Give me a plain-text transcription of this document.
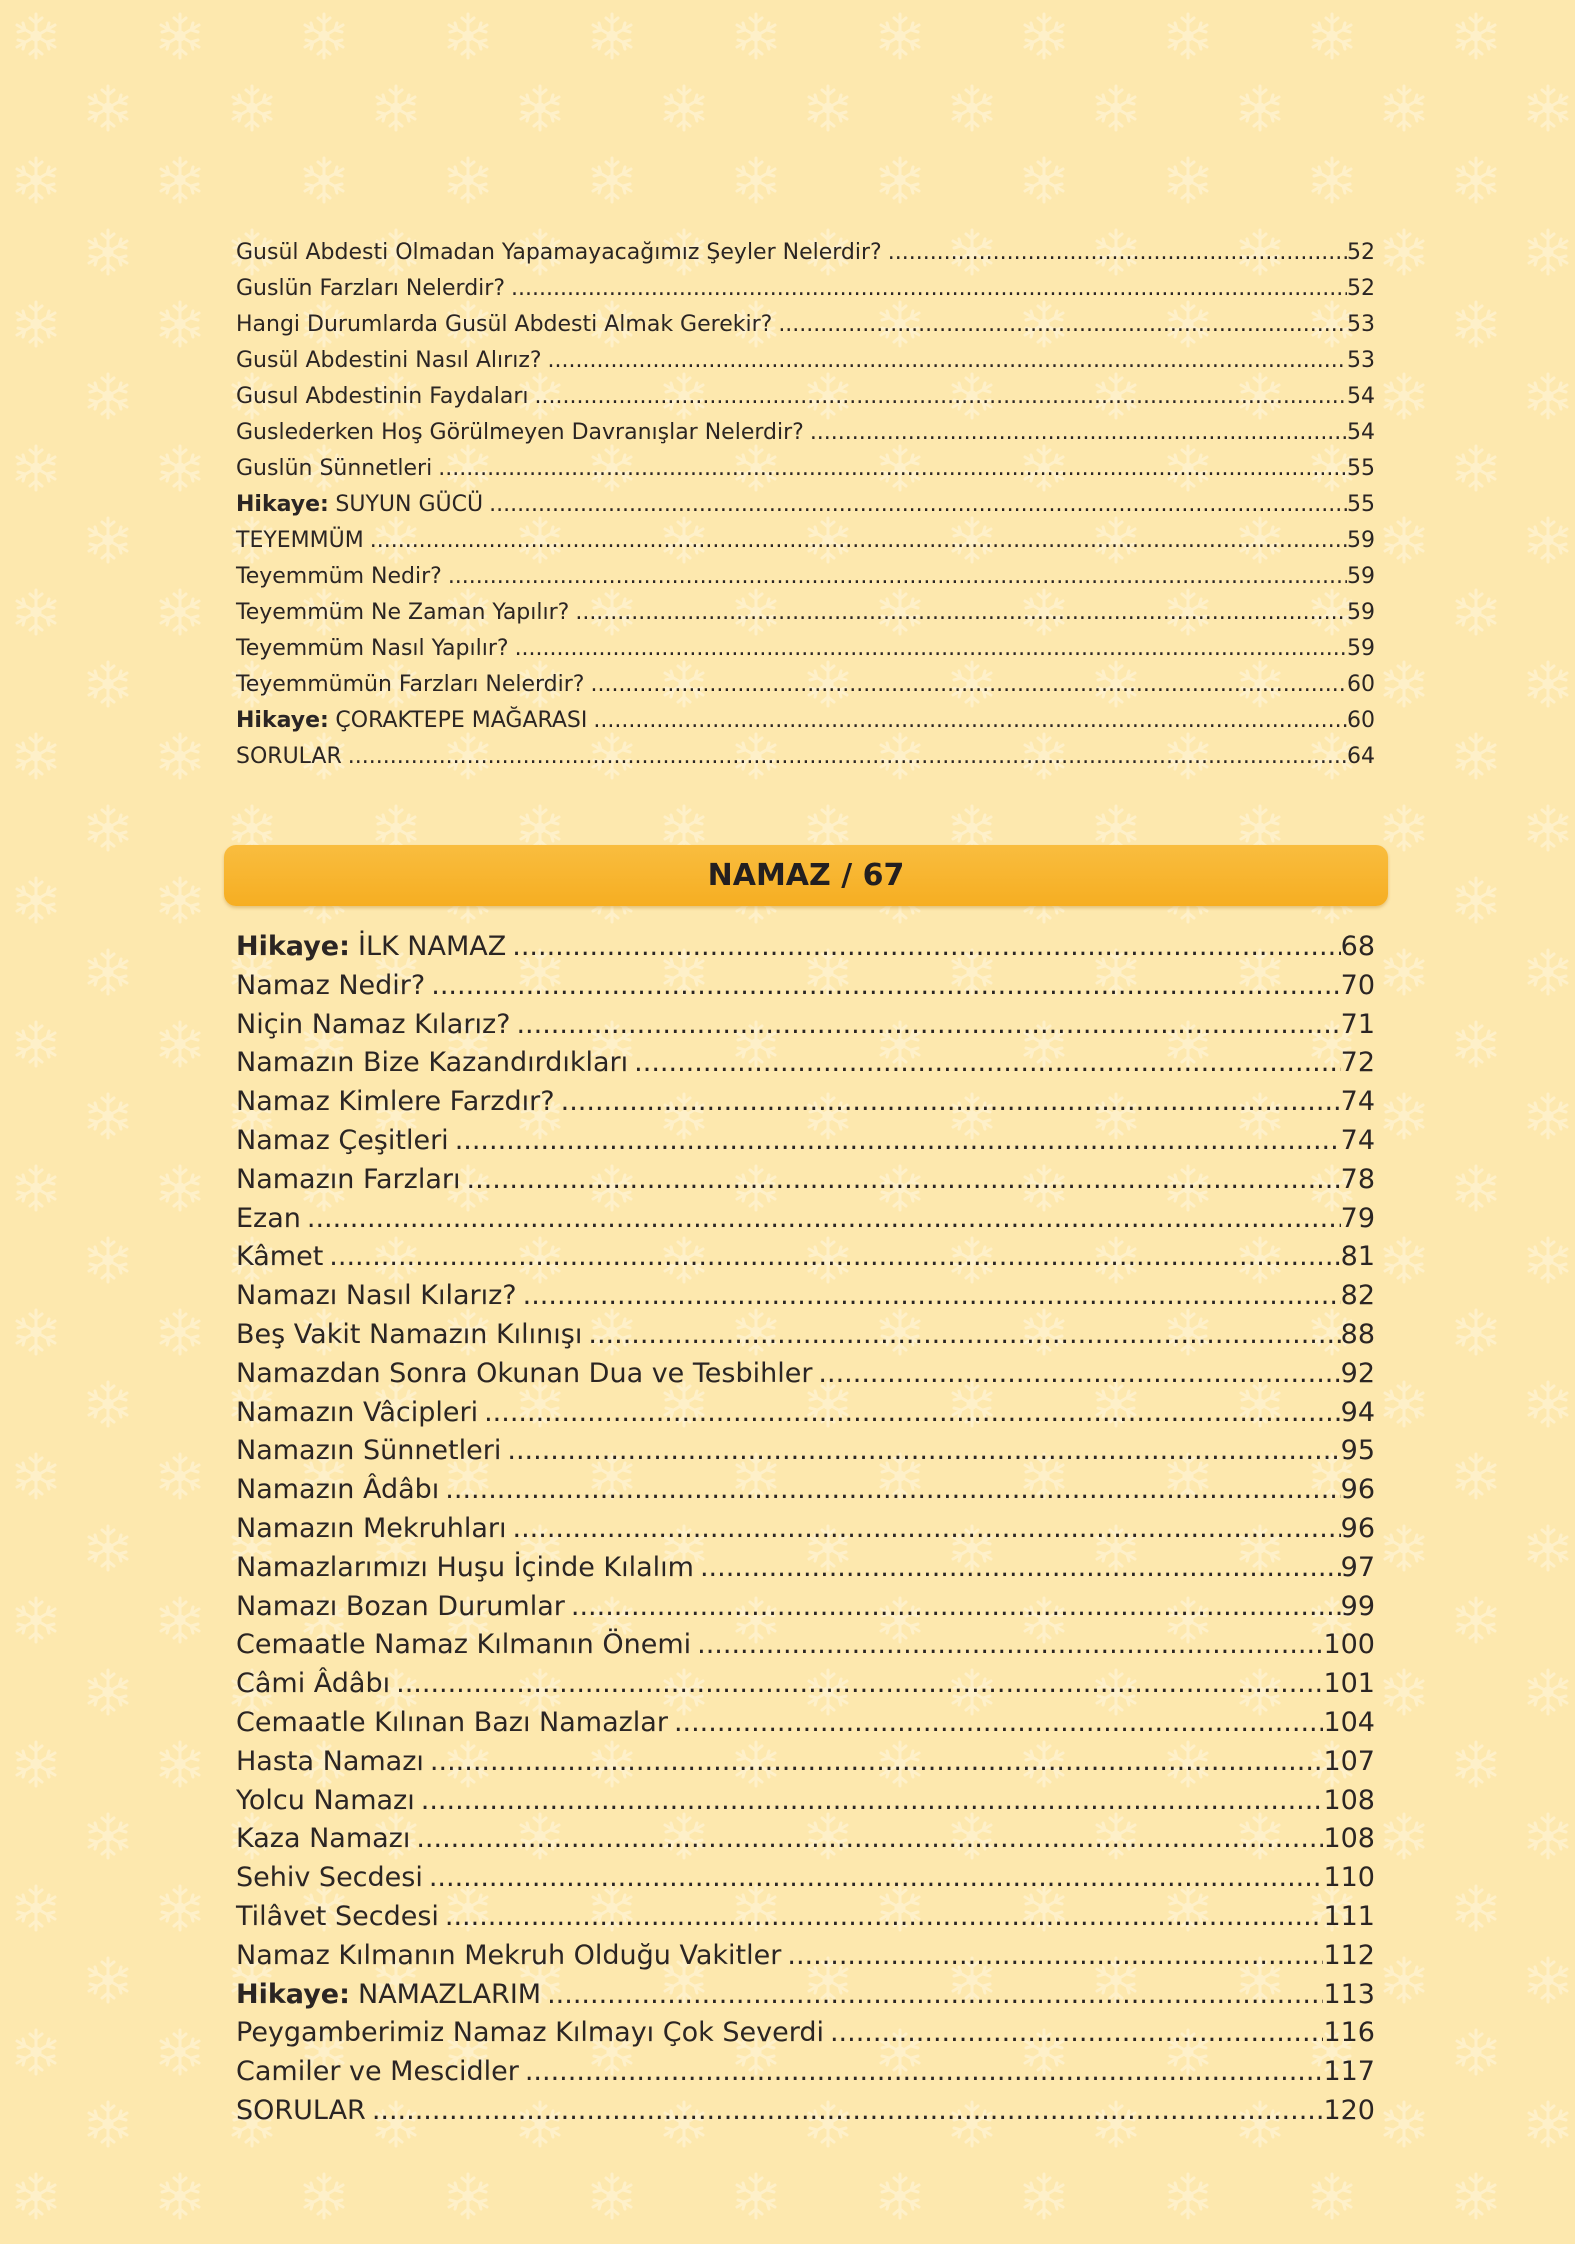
Gusül Abdesti Olmadan Yapamayacağımız Şeyler Nelerdir? .....	52
Guslün Farzları Nelerdir? .....	52
Hangi Durumlarda Gusül Abdesti Almak Gerekir? .....	53
Gusül Abdestini Nasıl Alırız? .....	53
Gusul Abdestinin Faydaları .....	54
Guslederken Hoş Görülmeyen Davranışlar Nelerdir? .....	54
Guslün Sünnetleri .....	55
Hikaye: SUYUN GÜCÜ .....	55
TEYEMMÜM .....	59
Teyemmüm Nedir? .....	59
Teyemmüm Ne Zaman Yapılır? .....	59
Teyemmüm Nasıl Yapılır? .....	59
Teyemmümün Farzları Nelerdir? .....	60
Hikaye: ÇORAKTEPE MAĞARASI .....	60
SORULAR .....	64
NAMAZ / 67
Hikaye: İLK NAMAZ .....	68
Namaz Nedir? .....	70
Niçin Namaz Kılarız? .....	71
Namazın Bize Kazandırdıkları .....	72
Namaz Kimlere Farzdır? .....	74
Namaz Çeşitleri .....	74
Namazın Farzları .....	78
Ezan .....	79
Kâmet .....	81
Namazı Nasıl Kılarız? .....	82
Beş Vakit Namazın Kılınışı .....	88
Namazdan Sonra Okunan Dua ve Tesbihler .....	92
Namazın Vâcipleri .....	94
Namazın Sünnetleri .....	95
Namazın Âdâbı .....	96
Namazın Mekruhları .....	96
Namazlarımızı Huşu İçinde Kılalım .....	97
Namazı Bozan Durumlar .....	99
Cemaatle Namaz Kılmanın Önemi .....	100
Câmi Âdâbı .....	101
Cemaatle Kılınan Bazı Namazlar .....	104
Hasta Namazı .....	107
Yolcu Namazı .....	108
Kaza Namazı .....	108
Sehiv Secdesi .....	110
Tilâvet Secdesi .....	111
Namaz Kılmanın Mekruh Olduğu Vakitler .....	112
Hikaye: NAMAZLARIM .....	113
Peygamberimiz Namaz Kılmayı Çok Severdi .....	116
Camiler ve Mescidler .....	117
SORULAR .....	120
